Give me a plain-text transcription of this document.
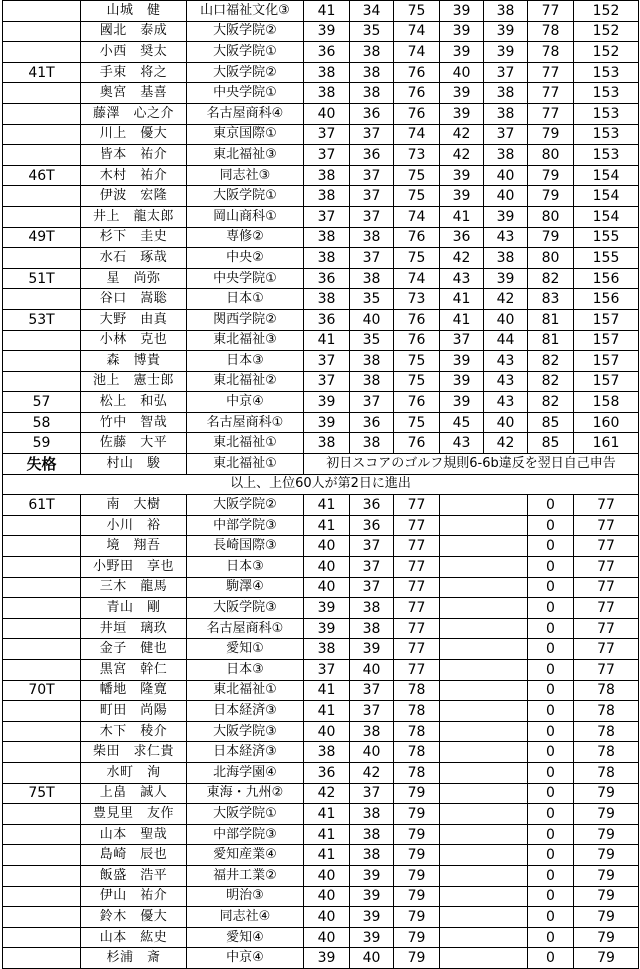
	山城　健	山口福祉文化③	41	34	75	39	38	77	152
	國北　泰成	大阪学院②	39	35	74	39	39	78	152
	小西　奨太	大阪学院①	36	38	74	39	39	78	152
41T	手束　将之	大阪学院②	38	38	76	40	37	77	153
	奥宮　基喜	中央学院①	38	38	76	39	38	77	153
	藤澤　心之介	名古屋商科④	40	36	76	39	38	77	153
	川上　優大	東京国際①	37	37	74	42	37	79	153
	皆本　祐介	東北福祉③	37	36	73	42	38	80	153
46T	木村　祐介	同志社③	38	37	75	39	40	79	154
	伊波　宏隆	大阪学院①	38	37	75	39	40	79	154
	井上　龍太郎	岡山商科①	37	37	74	41	39	80	154
49T	杉下　圭史	専修②	38	38	76	36	43	79	155
	水石　琢哉	中央②	38	37	75	42	38	80	155
51T	星　尚弥	中央学院①	36	38	74	43	39	82	156
	谷口　嵩聡	日本①	38	35	73	41	42	83	156
53T	大野　由真	関西学院②	36	40	76	41	40	81	157
	小林　克也	東北福祉③	41	35	76	37	44	81	157
	森　博貴	日本③	37	38	75	39	43	82	157
	池上　憲士郎	東北福祉②	37	38	75	39	43	82	157
57	松上　和弘	中京④	39	37	76	39	43	82	158
58	竹中　智哉	名古屋商科①	39	36	75	45	40	85	160
59	佐藤　大平	東北福祉①	38	38	76	43	42	85	161
失格	村山　駿	東北福祉①	初日スコアのゴルフ規則6-6b違反を翌日自己申告						
以上、上位60人が第2日に進出									
61T	南　大樹	大阪学院②	41	36	77			0	77
	小川　裕	中部学院③	41	36	77			0	77
	境　翔吾	長崎国際③	40	37	77			0	77
	小野田　享也	日本③	40	37	77			0	77
	三木　龍馬	駒澤④	40	37	77			0	77
	青山　剛	大阪学院③	39	38	77			0	77
	井垣　璃玖	名古屋商科①	39	38	77			0	77
	金子　健也	愛知①	38	39	77			0	77
	黒宮　幹仁	日本③	37	40	77			0	77
70T	幡地　隆寛	東北福祉①	41	37	78			0	78
	町田　尚陽	日本経済③	41	37	78			0	78
	木下　稜介	大阪学院③	40	38	78			0	78
	柴田　求仁貴	日本経済③	38	40	78			0	78
	水町　洵	北海学園④	36	42	78			0	78
75T	上畠　誠人	東海・九州②	42	37	79			0	79
	豊見里　友作	大阪学院①	41	38	79			0	79
	山本　聖哉	中部学院③	41	38	79			0	79
	島崎　辰也	愛知産業④	41	38	79			0	79
	飯盛　浩平	福井工業②	40	39	79			0	79
	伊山　祐介	明治③	40	39	79			0	79
	鈴木　優大	同志社④	40	39	79			0	79
	山本　紘史	愛知④	40	39	79			0	79
	杉浦　斎	中京④	39	40	79			0	79
